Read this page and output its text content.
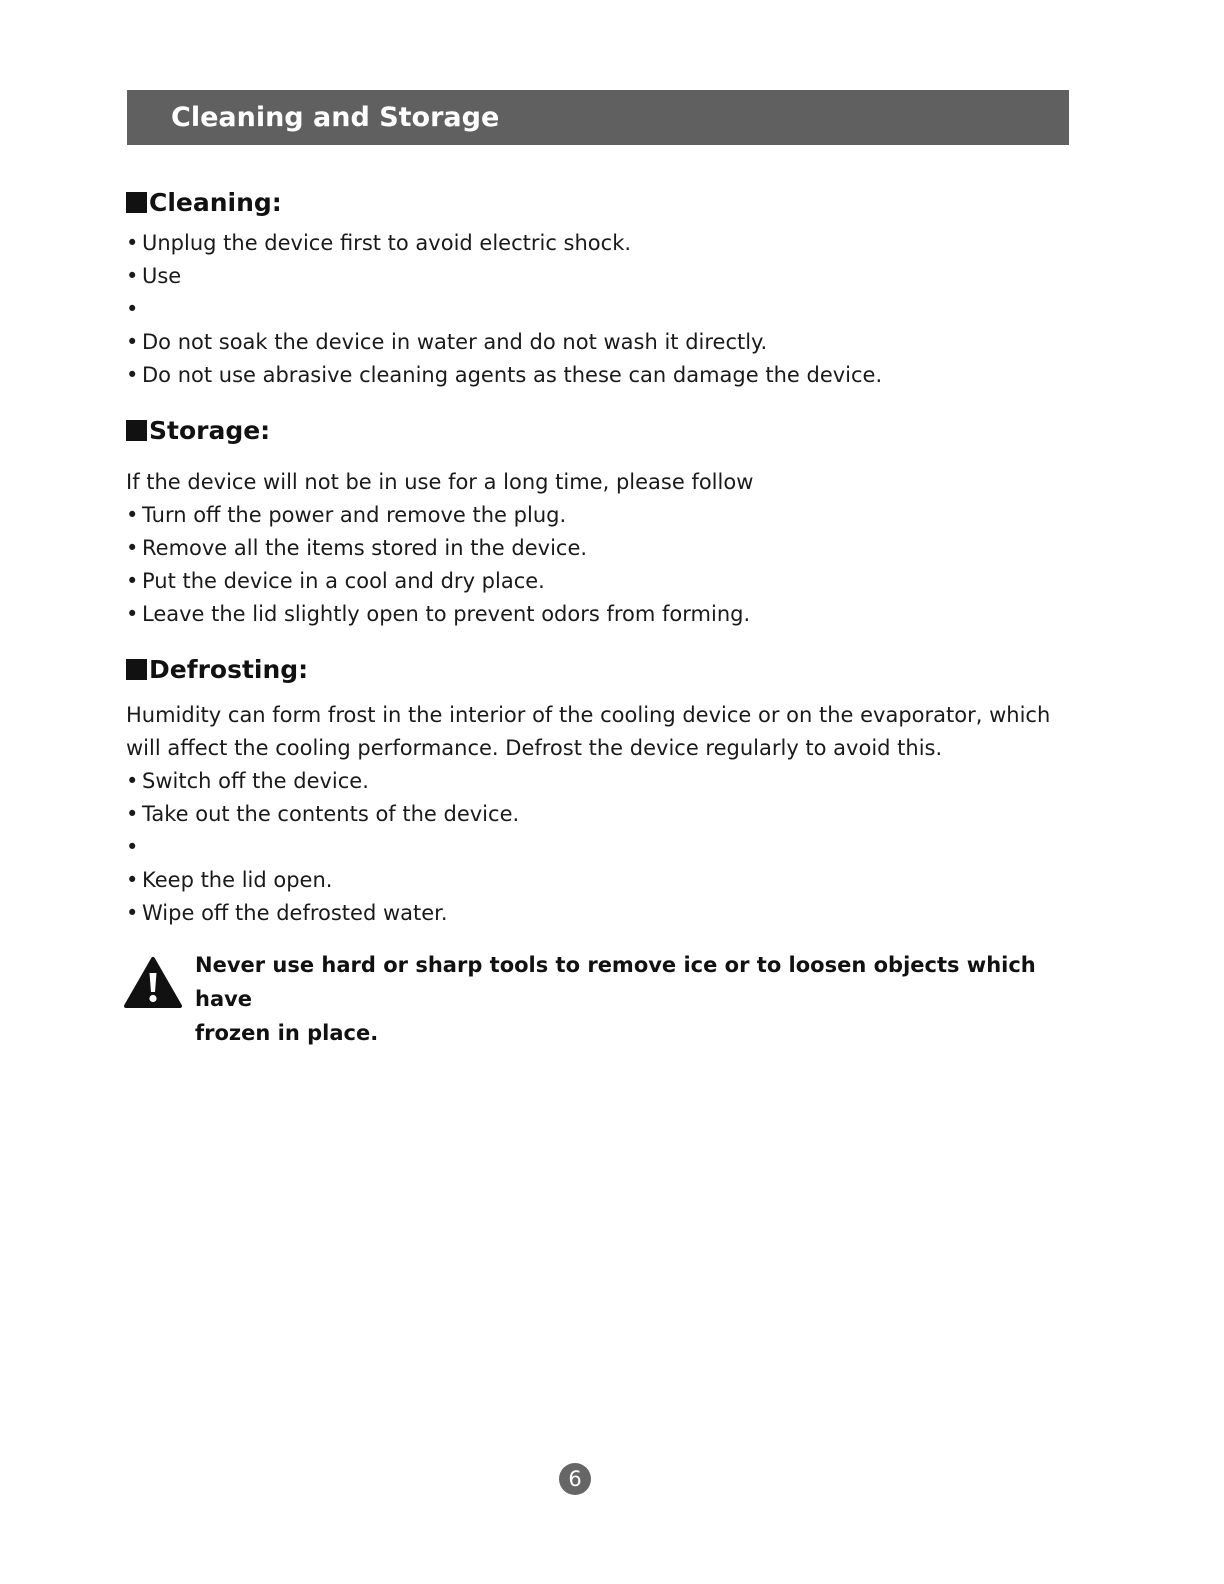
Cleaning and Storage
Cleaning:
• Unplug the device first to avoid electric shock.
• Use
•
• Do not soak the device in water and do not wash it directly.
• Do not use abrasive cleaning agents as these can damage the device.
Storage:
If the device will not be in use for a long time, please follow
• Turn off the power and remove the plug.
• Remove all the items stored in the device.
• Put the device in a cool and dry place.
• Leave the lid slightly open to prevent odors from forming.
Defrosting:
Humidity can form frost in the interior of the cooling device or on the evaporator, which
will affect the cooling performance. Defrost the device regularly to avoid this.
• Switch off the device.
• Take out the contents of the device.
•
• Keep the lid open.
• Wipe off the defrosted water.
Never use hard or sharp tools to remove ice or to loosen objects which have
frozen in place.
6
